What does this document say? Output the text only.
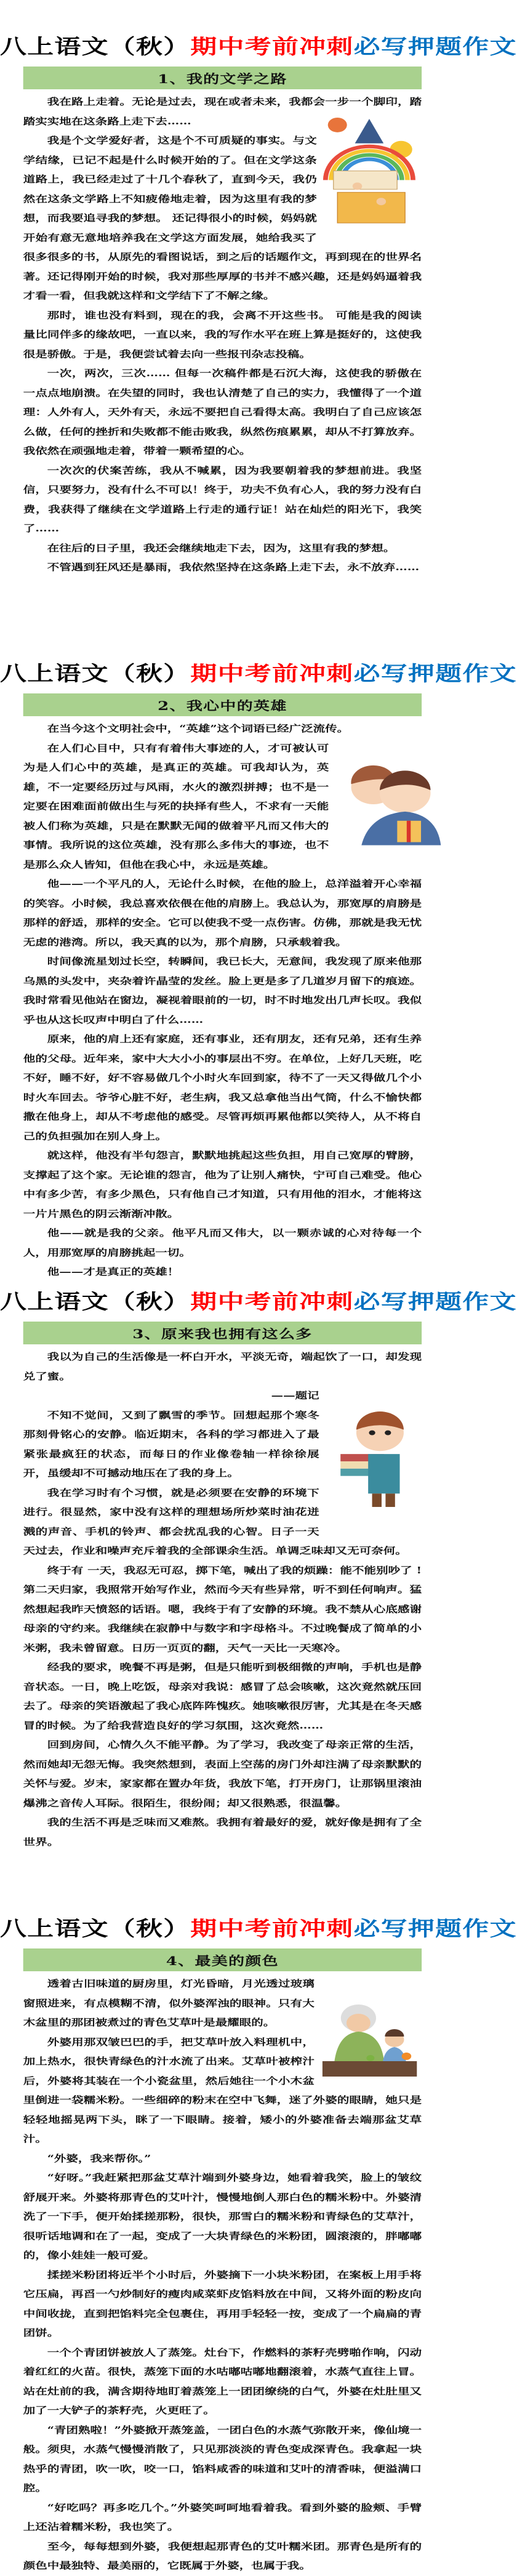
八上语文（秋）期中考前冲刺必写押题作文
1、我的文学之路

我在路上走着。无论是过去，现在或者未来，我都会一步一个脚印，踏踏实实地在这条路上走下去……

我是个文学爱好者，这是个不可质疑的事实。与文学结缘，已记不起是什么时候开始的了。但在文学这条道路上，我已经走过了十几个春秋了，直到今天，我仍然在这条文学路上不知疲倦地走着，因为这里有我的梦想，而我要追寻我的梦想。 还记得很小的时候，妈妈就开始有意无意地培养我在文学这方面发展，她给我买了很多很多的书，从原先的看图说话，到之后的话题作文，再到现在的世界名著。还记得刚开始的时候，我对那些厚厚的书并不感兴趣，还是妈妈逼着我才看一看，但我就这样和文学结下了不解之缘。

那时，谁也没有料到，现在的我，会离不开这些书。 可能是我的阅读量比同伴多的缘故吧，一直以来，我的写作水平在班上算是挺好的，这使我很是骄傲。于是，我便尝试着去向一些报刊杂志投稿。

一次，两次，三次…… 但每一次稿件都是石沉大海，这使我的骄傲在一点点地崩溃。在失望的同时，我也认清楚了自己的实力，我懂得了一个道理：人外有人，天外有天，永远不要把自己看得太高。我明白了自己应该怎么做，任何的挫折和失败都不能击败我，纵然伤痕累累，却从不打算放弃。我依然在顽强地走着，带着一颗希望的心。

一次次的伏案苦练，我从不喊累，因为我要朝着我的梦想前进。我坚信，只要努力，没有什么不可以！终于，功夫不负有心人，我的努力没有白费，我获得了继续在文学道路上行走的通行证！站在灿烂的阳光下，我笑了……

在往后的日子里，我还会继续地走下去，因为，这里有我的梦想。

不管遇到狂风还是暴雨，我依然坚持在这条路上走下去，永不放弃……

八上语文（秋）期中考前冲刺必写押题作文
2、我心中的英雄

在当今这个文明社会中，“英雄”这个词语已经广泛流传。

在人们心目中，只有有着伟大事迹的人，才可被认可为是人们心中的英雄，是真正的英雄。可我却认为，英雄，不一定要经历过与风雨，水火的激烈拼搏；也不是一定要在困难面前做出生与死的抉择有些人，不求有一天能被人们称为英雄，只是在默默无闻的做着平凡而又伟大的事情。我所说的这位英雄，没有那么多伟大的事迹，也不是那么众人皆知，但他在我心中，永远是英雄。

他——一个平凡的人，无论什么时候，在他的脸上，总洋溢着开心幸福的笑容。小时候，我总喜欢依偎在他的肩膀上。我总认为，那宽厚的肩膀是那样的舒适，那样的安全。它可以使我不受一点伤害。仿佛，那就是我无忧无虑的港湾。所以，我天真的以为，那个肩膀，只承载着我。

时间像流星划过长空，转瞬间，我已长大，无意间，我发现了原来他那乌黑的头发中，夹杂着许晶莹的发丝。脸上更是多了几道岁月留下的痕迹。我时常看见他站在窗边，凝视着眼前的一切，时不时地发出几声长叹。我似乎也从这长叹声中明白了什么……

原来，他的肩上还有家庭，还有事业，还有朋友，还有兄弟，还有生养他的父母。近年来，家中大大小小的事层出不穷。在单位，上好几天班，吃不好，睡不好，好不容易做几个小时火车回到家，待不了一天又得做几个小时火车回去。爷爷心脏不好，老生病，我又总拿他当出气筒，什么不愉快都撒在他身上，却从不考虑他的感受。尽管再烦再累他都以笑待人，从不将自己的负担强加在别人身上。

就这样，他没有半句怨言，默默地挑起这些负担，用自己宽厚的臂膀，支撑起了这个家。无论谁的怨言，他为了让别人痛快，宁可自己难受。他心中有多少苦，有多少黑色，只有他自己才知道，只有用他的泪水，才能将这一片片黑色的阴云渐渐冲散。

他——就是我的父亲。他平凡而又伟大，以一颗赤诚的心对待每一个人，用那宽厚的肩膀挑起一切。

他——才是真正的英雄！

八上语文（秋）期中考前冲刺必写押题作文
3、原来我也拥有这么多

我以为自己的生活像是一杯白开水，平淡无奇，端起饮了一口，却发现兑了蜜。

——题记

不知不觉间，又到了飘雪的季节。回想起那个寒冬那刻骨铭心的安静。临近期末，各科的学习都进入了最紧张最疯狂的状态，而每日的作业像卷轴一样徐徐展开，虽缓却不可撼动地压在了我的身上。

我在学习时有个习惯，就是必须要在安静的环境下进行。很显然，家中没有这样的理想场所炒菜时油花迸溅的声音、手机的铃声、都会扰乱我的心智。日子一天天过去，作业和噪声充斥着我的全部课余生活。单调乏味却又无可奈何。

终于有 一天，我忍无可忍，掷下笔，喊出了我的烦躁：能不能别吵了 !第二天归家，我照常开始写作业，然而今天有些异常，听不到任何响声。猛然想起我昨天愤怒的话语。嗯，我终于有了安静的环境。我不禁从心底感谢母亲的守约来。我继续在寂静中与数字和字母格斗。不过晚餐成了简单的小米粥，我未曾留意。日历一页页的翻，天气一天比一天寒冷。

经我的要求，晚餐不再是粥，但是只能听到极细微的声响，手机也是静音状态。一日，晚上吃饭，母亲对我说：感冒了总会咳嗽，这次竟然就压回去了。母亲的笑语激起了我心底阵阵愧疚。她咳嗽很厉害，尤其是在冬天感冒的时候。为了给我营造良好的学习氛围，这次竟然……

回到房间，心情久久不能平静。为了学习，我改变了母亲正常的生活，然而她却无怨无悔。我突然想到，表面上空荡的房门外却注满了母亲默默的关怀与爱。岁末，家家都在置办年货，我放下笔，打开房门，让那锅里滚油爆沸之音传人耳际。很陌生，很纷闹；却又很熟悉，很温馨。

我的生活不再是乏味而又难熬。我拥有着最好的爱，就好像是拥有了全世界。

八上语文（秋）期中考前冲刺必写押题作文
4、最美的颜色

透着古旧味道的厨房里，灯光昏暗，月光透过玻璃窗照进来，有点模糊不清，似外婆浑浊的眼神。只有大木盆里的那团被煮过的青色艾草叶是最耀眼的。

外婆用那双皱巴巴的手，把艾草叶放入料理机中，加上热水，很快青绿色的汁水流了出来。艾草叶被榨汁后，外婆将其装在一个小瓷盆里，然后她往一个小木盆里倒进一袋糯米粉。一些细碎的粉末在空中飞舞，迷了外婆的眼睛，她只是轻轻地摇晃两下头，眯了一下眼睛。接着，矮小的外婆准备去端那盆艾草汁。

“外婆，我来帮你。”

“好呀。”我赶紧把那盆艾草汁端到外婆身边，她看着我笑，脸上的皱纹舒展开来。外婆将那青色的艾叶汁，慢慢地倒人那白色的糯米粉中。外婆清洗了一下手，便开始揉搓那粉，很快，那雪白的糯米粉和青绿色的艾草汁，很听话地调和在了一起，变成了一大块青绿色的米粉团，圆滚滚的，胖嘟嘟的，像小娃娃一般可爱。

揉搓米粉团将近半个小时后，外婆摘下一小块米粉团，在案板上用手将它压扁，再舀一勺炒制好的瘦肉咸菜虾皮馅料放在中间，又将外面的粉皮向中间收拢，直到把馅料完全包裹住，再用手轻轻一按，变成了一个扁扁的青团饼。

一个个青团饼被放人了蒸笼。灶台下，作燃料的茶籽壳劈啪作响，闪动着红红的火苗。很快，蒸笼下面的水咕嘟咕嘟地翻滚着，水蒸气直往上冒。站在灶前的我，满含期待地盯着蒸笼上一团团缭绕的白气，外婆在灶肚里又加了一大铲子的茶籽壳，火更旺了。

“青团熟啦！”外婆掀开蒸笼盖，一团白色的水蒸气弥散开来，像仙境一般。须臾，水蒸气慢慢消散了，只见那淡淡的青色变成深青色。我拿起一块热乎的青团，吹一吹，咬一口，馅料咸香的味道和艾叶的清香味，便溢满口腔。

“好吃吗？再多吃几个。”外婆笑呵呵地看着我。看到外婆的脸颊、手臂上还沾着糯米粉，我也笑了。

至今，每每想到外婆，我便想起那青色的艾叶糯米团。那青色是所有的颜色中最独特、最美丽的，它既属于外婆，也属于我。
